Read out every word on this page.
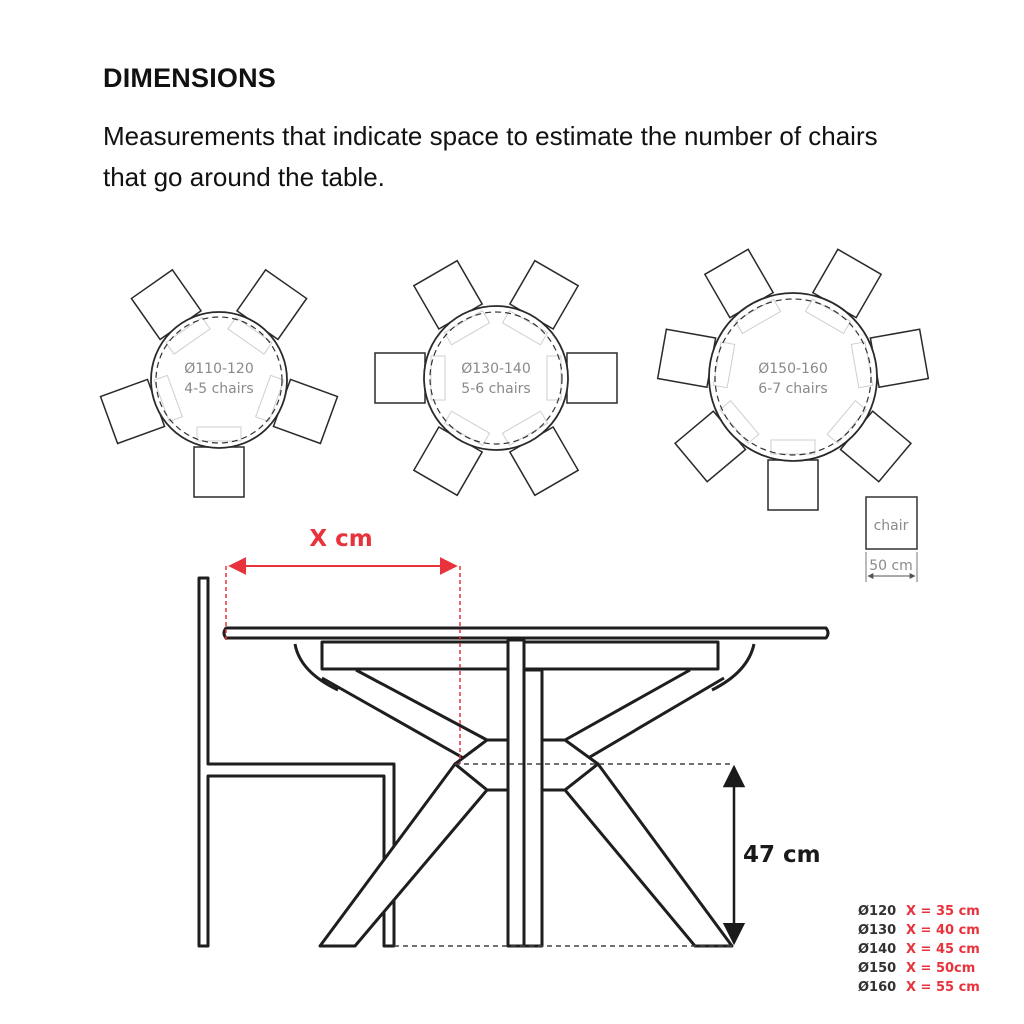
DIMENSIONS

Measurements that indicate space to estimate the number of chairs that go around the table.

Ø110-120
4-5 chairs
Ø130-140
5-6 chairs
Ø150-160
6-7 chairs
chair
50 cm
X cm
47 cm
Ø120 X = 35 cm
Ø130 X = 40 cm
Ø140 X = 45 cm
Ø150 X = 50cm
Ø160 X = 55 cm
